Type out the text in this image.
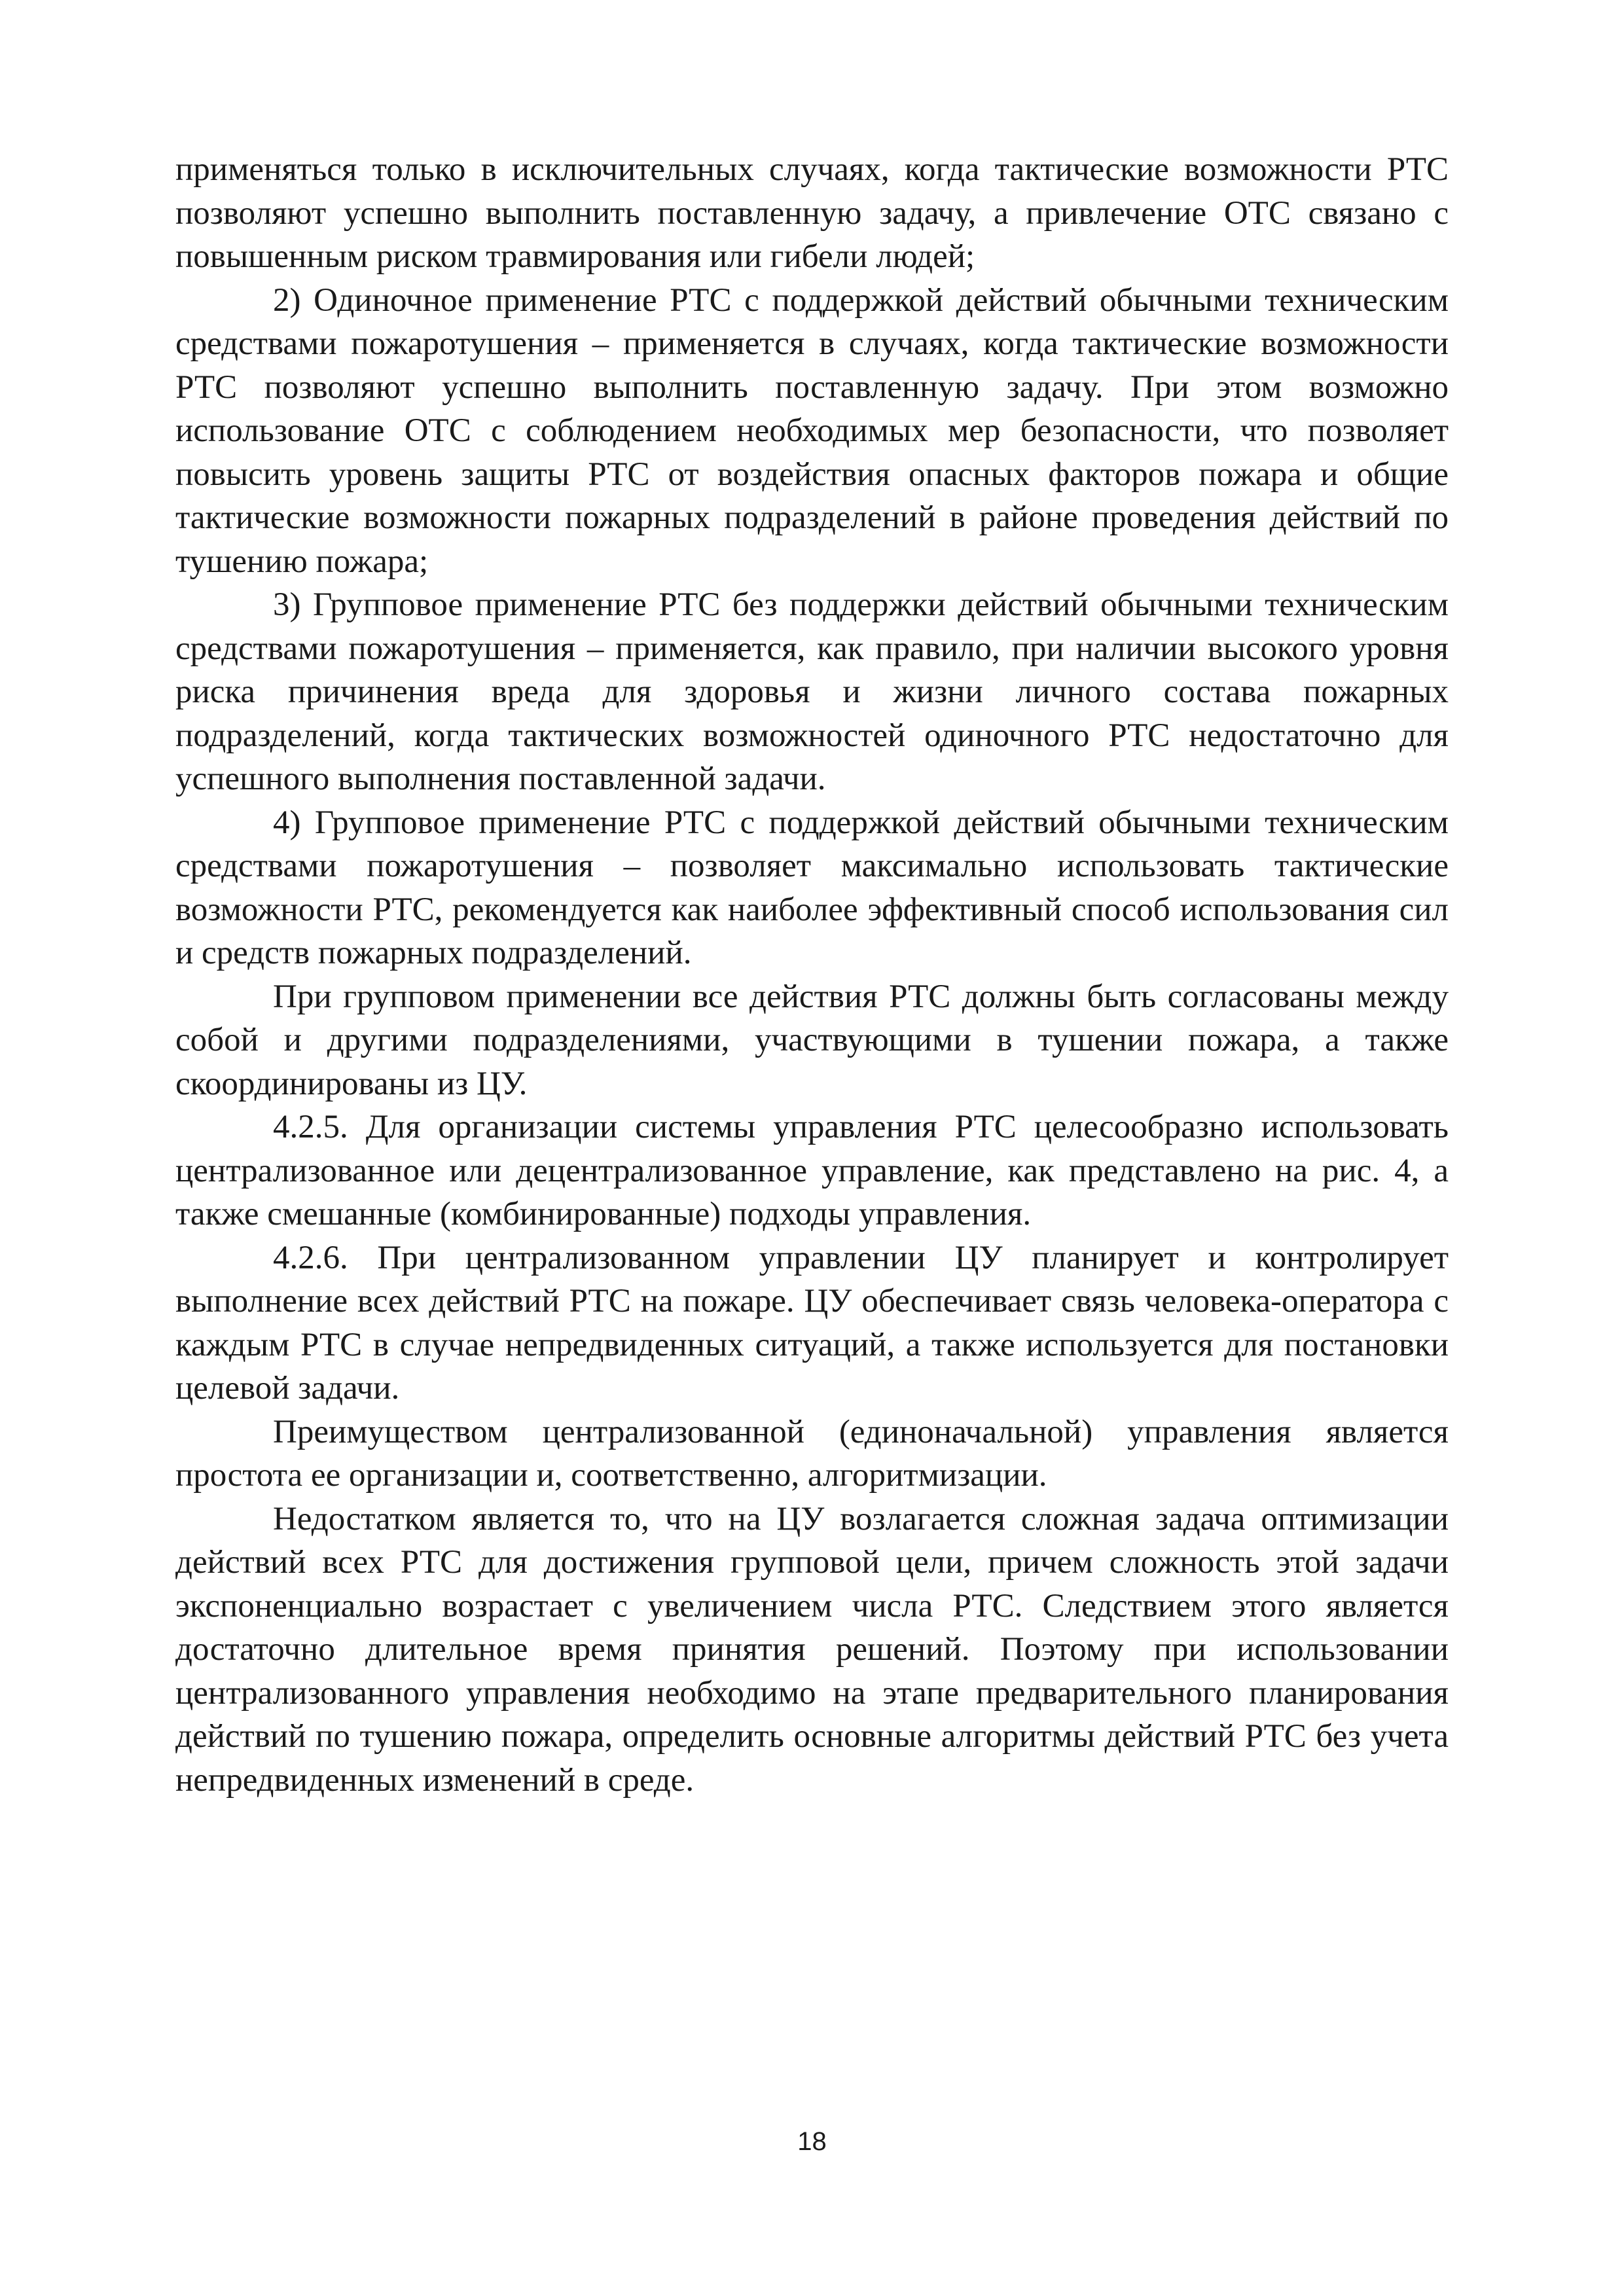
применяться только в исключительных случаях, когда тактические возможности РТС позволяют успешно выполнить поставленную задачу, а привлечение ОТС связано с повышенным риском травмирования или гибели людей;

2) Одиночное применение РТС с поддержкой действий обычными техническим средствами пожаротушения – применяется в случаях, когда тактические возможности РТС позволяют успешно выполнить поставленную задачу. При этом возможно использование ОТС с соблюдением необходимых мер безопасности, что позволяет повысить уровень защиты РТС от воздействия опасных факторов пожара и общие тактические возможности пожарных подразделений в районе проведения действий по тушению пожара;

3) Групповое применение РТС без поддержки действий обычными техническим средствами пожаротушения – применяется, как правило, при наличии высокого уровня риска причинения вреда для здоровья и жизни личного состава пожарных подразделений, когда тактических возможностей одиночного РТС недостаточно для успешного выполнения поставленной задачи.

4) Групповое применение РТС с поддержкой действий обычными техническим средствами пожаротушения – позволяет максимально использовать тактические возможности РТС, рекомендуется как наиболее эффективный способ использования сил и средств пожарных подразделений.

При групповом применении все действия РТС должны быть согласованы между собой и другими подразделениями, участвующими в тушении пожара, а также скоординированы из ЦУ.

4.2.5. Для организации системы управления РТС целесообразно использовать централизованное или децентрализованное управление, как представлено на рис. 4, а также смешанные (комбинированные) подходы управления.

4.2.6. При централизованном управлении ЦУ планирует и контролирует выполнение всех действий РТС на пожаре. ЦУ обеспечивает связь человека-оператора с каждым РТС в случае непредвиденных ситуаций, а также используется для постановки целевой задачи.

Преимуществом централизованной (единоначальной) управления является простота ее организации и, соответственно, алгоритмизации.

Недостатком является то, что на ЦУ возлагается сложная задача оптимизации действий всех РТС для достижения групповой цели, причем сложность этой задачи экспоненциально возрастает с увеличением числа РТС. Следствием этого является достаточно длительное время принятия решений. Поэтому при использовании централизованного управления необходимо на этапе предварительного планирования действий по тушению пожара, определить основные алгоритмы действий РТС без учета непредвиденных изменений в среде.

18
